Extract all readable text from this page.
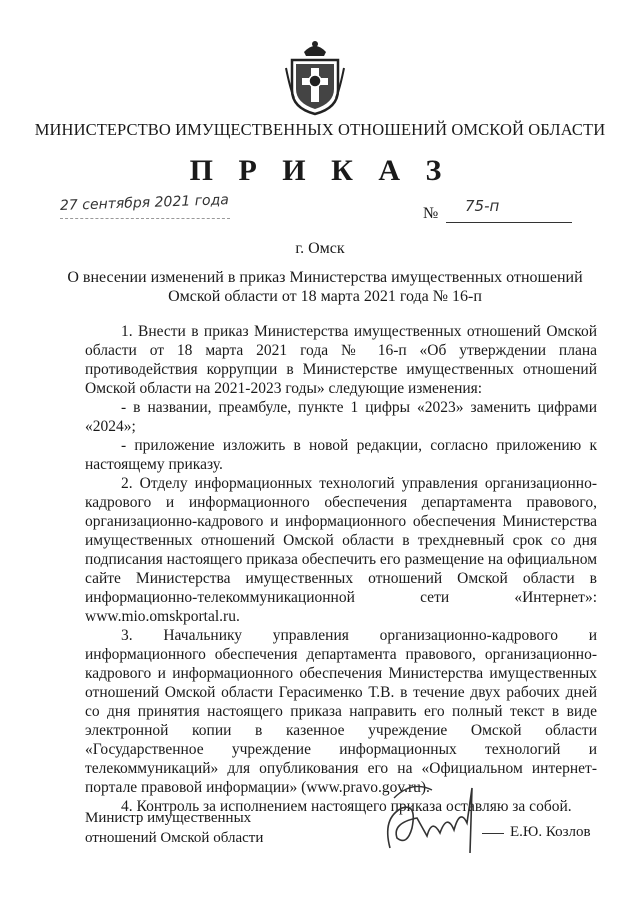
МИНИСТЕРСТВО ИМУЩЕСТВЕННЫХ ОТНОШЕНИЙ ОМСКОЙ ОБЛАСТИ
П Р И К А З
27 сентября 2021 года	№ 75-п
г. Омск
О внесении изменений в приказ Министерства имущественных отношений Омской области от 18 марта 2021 года № 16-п

1. Внести в приказ Министерства имущественных отношений Омской области от 18 марта 2021 года № 16-п «Об утверждении плана противодействия коррупции в Министерстве имущественных отношений Омской области на 2021-2023 годы» следующие изменения:

- в названии, преамбуле, пункте 1 цифры «2023» заменить цифрами «2024»;

- приложение изложить в новой редакции, согласно приложению к настоящему приказу.

2. Отделу информационных технологий управления организационно-кадрового и информационного обеспечения департамента правового, организационно-кадрового и информационного обеспечения Министерства имущественных отношений Омской области в трехдневный срок со дня подписания настоящего приказа обеспечить его размещение на официальном сайте Министерства имущественных отношений Омской области в информационно-телекоммуникационной сети «Интернет»: www.mio.omskportal.ru.

3. Начальнику управления организационно-кадрового и информационного обеспечения департамента правового, организационно-кадрового и информационного обеспечения Министерства имущественных отношений Омской области Герасименко Т.В. в течение двух рабочих дней со дня принятия настоящего приказа направить его полный текст в виде электронной копии в казенное учреждение Омской области «Государственное учреждение информационных технологий и телекоммуникаций» для опубликования его на «Официальном интернет-портале правовой информации» (www.pravo.gov.ru).

4. Контроль за исполнением настоящего приказа оставляю за собой.

Министр имущественных
отношений Омской области	Е.Ю. Козлов
